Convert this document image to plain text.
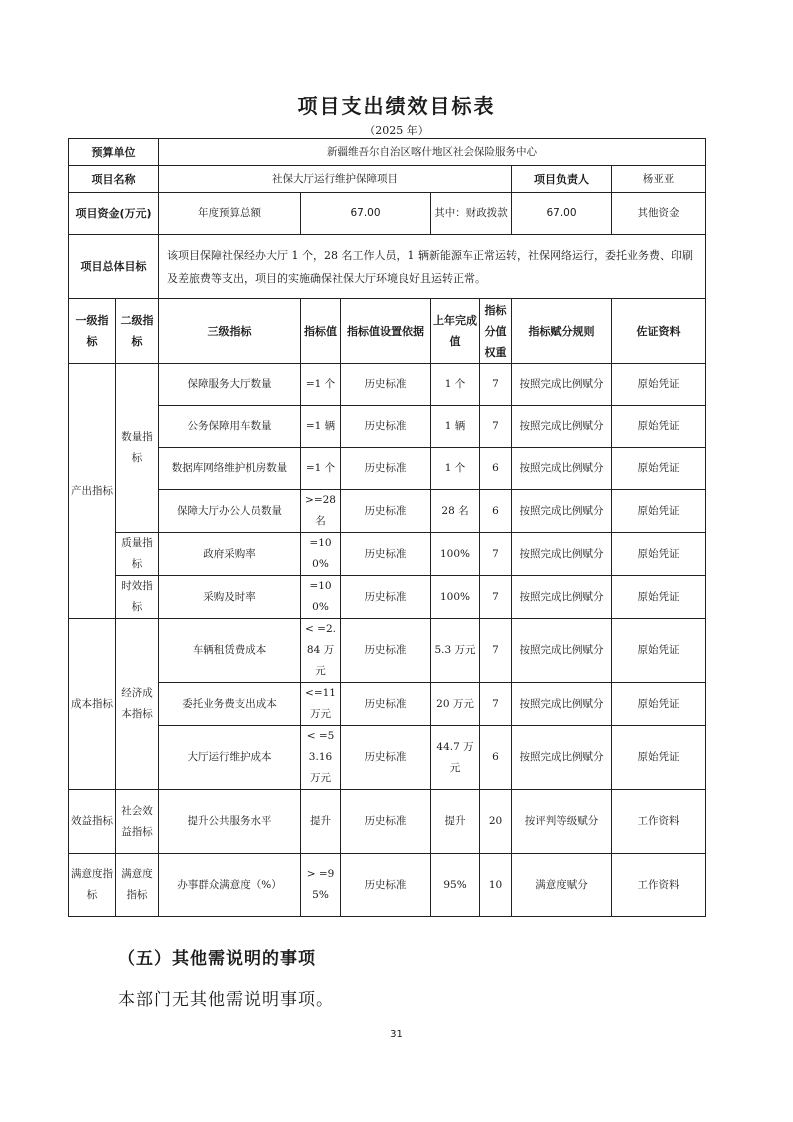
项目支出绩效目标表
（2025 年）
预算单位		新疆维吾尔自治区喀什地区社会保险服务中心						
项目名称		社保大厅运行维护保障项目					项目负责人	杨亚亚
项目资金(万元)		年度预算总额	67.00		其中：财政拨款		67.00	其他资金
项目总体目标		该项目保障社保经办大厅 1 个，28 名工作人员，1 辆新能源车正常运转，社保网络运行，委托业务费、印刷及差旅费等支出，项目的实施确保社保大厅环境良好且运转正常。						
一级指标	二级指标	三级指标	指标值	指标值设置依据	上年完成值	指标分值权重	指标赋分规则	佐证资料
产出指标	数量指标	保障服务大厅数量	=1 个	历史标准	1 个	7	按照完成比例赋分	原始凭证
		公务保障用车数量	=1 辆	历史标准	1 辆	7	按照完成比例赋分	原始凭证
		数据库网络维护机房数量	=1 个	历史标准	1 个	6	按照完成比例赋分	原始凭证
		保障大厅办公人员数量	>=28 名	历史标准	28 名	6	按照完成比例赋分	原始凭证
	质量指标	政府采购率	=100%	历史标准	100%	7	按照完成比例赋分	原始凭证
	时效指标	采购及时率	=100%	历史标准	100%	7	按照完成比例赋分	原始凭证
成本指标	经济成本指标	车辆租赁费成本	< =2.84 万元	历史标准	5.3 万元	7	按照完成比例赋分	原始凭证
		委托业务费支出成本	<=11 万元	历史标准	20 万元	7	按照完成比例赋分	原始凭证
		大厅运行维护成本	< =53.16 万元	历史标准	44.7 万元	6	按照完成比例赋分	原始凭证
效益指标	社会效益指标	提升公共服务水平	提升	历史标准	提升	20	按评判等级赋分	工作资料
满意度指标	满意度指标	办事群众满意度（%）	> =95%	历史标准	95%	10	满意度赋分	工作资料
（五）其他需说明的事项
本部门无其他需说明事项。
31
